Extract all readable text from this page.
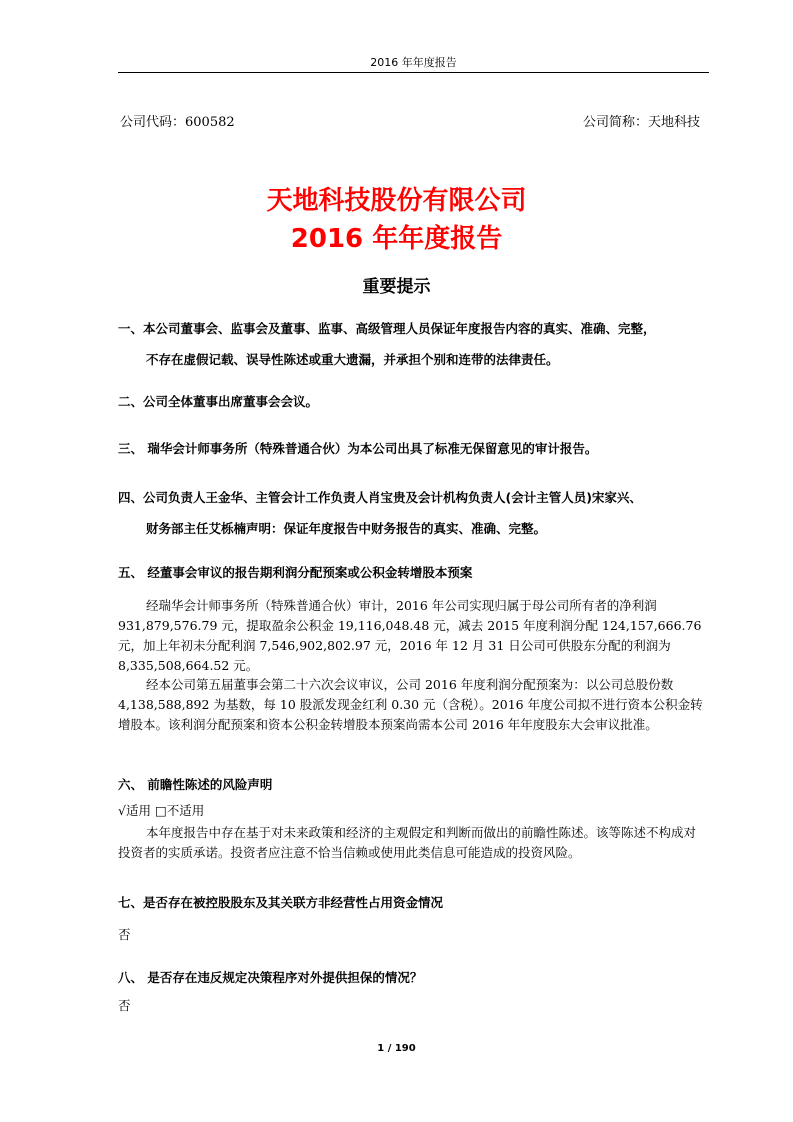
2016 年年度报告
公司代码：600582	公司简称：天地科技
天地科技股份有限公司
2016 年年度报告
重要提示
一、本公司董事会、监事会及董事、监事、高级管理人员保证年度报告内容的真实、准确、完整，
不存在虚假记载、误导性陈述或重大遗漏，并承担个别和连带的法律责任。
二、公司全体董事出席董事会会议。
三、 瑞华会计师事务所（特殊普通合伙）为本公司出具了标准无保留意见的审计报告。
四、公司负责人王金华、主管会计工作负责人肖宝贵及会计机构负责人(会计主管人员)宋家兴、
财务部主任艾栎楠声明：保证年度报告中财务报告的真实、准确、完整。
五、 经董事会审议的报告期利润分配预案或公积金转增股本预案
经瑞华会计师事务所（特殊普通合伙）审计，2016 年公司实现归属于母公司所有者的净利润 931,879,576.79 元，提取盈余公积金 19,116,048.48 元，减去 2015 年度利润分配 124,157,666.76 元，加上年初未分配利润 7,546,902,802.97 元，2016 年 12 月 31 日公司可供股东分配的利润为 8,335,508,664.52 元。
经本公司第五届董事会第二十六次会议审议，公司 2016 年度利润分配预案为：以公司总股份数 4,138,588,892 为基数，每 10 股派发现金红利 0.30 元（含税）。2016 年度公司拟不进行资本公积金转增股本。该利润分配预案和资本公积金转增股本预案尚需本公司 2016 年年度股东大会审议批准。
六、 前瞻性陈述的风险声明
√适用 □不适用
本年度报告中存在基于对未来政策和经济的主观假定和判断而做出的前瞻性陈述。该等陈述不构成对投资者的实质承诺。投资者应注意不恰当信赖或使用此类信息可能造成的投资风险。
七、是否存在被控股股东及其关联方非经营性占用资金情况
否
八、 是否存在违反规定决策程序对外提供担保的情况？
否
1 / 190
